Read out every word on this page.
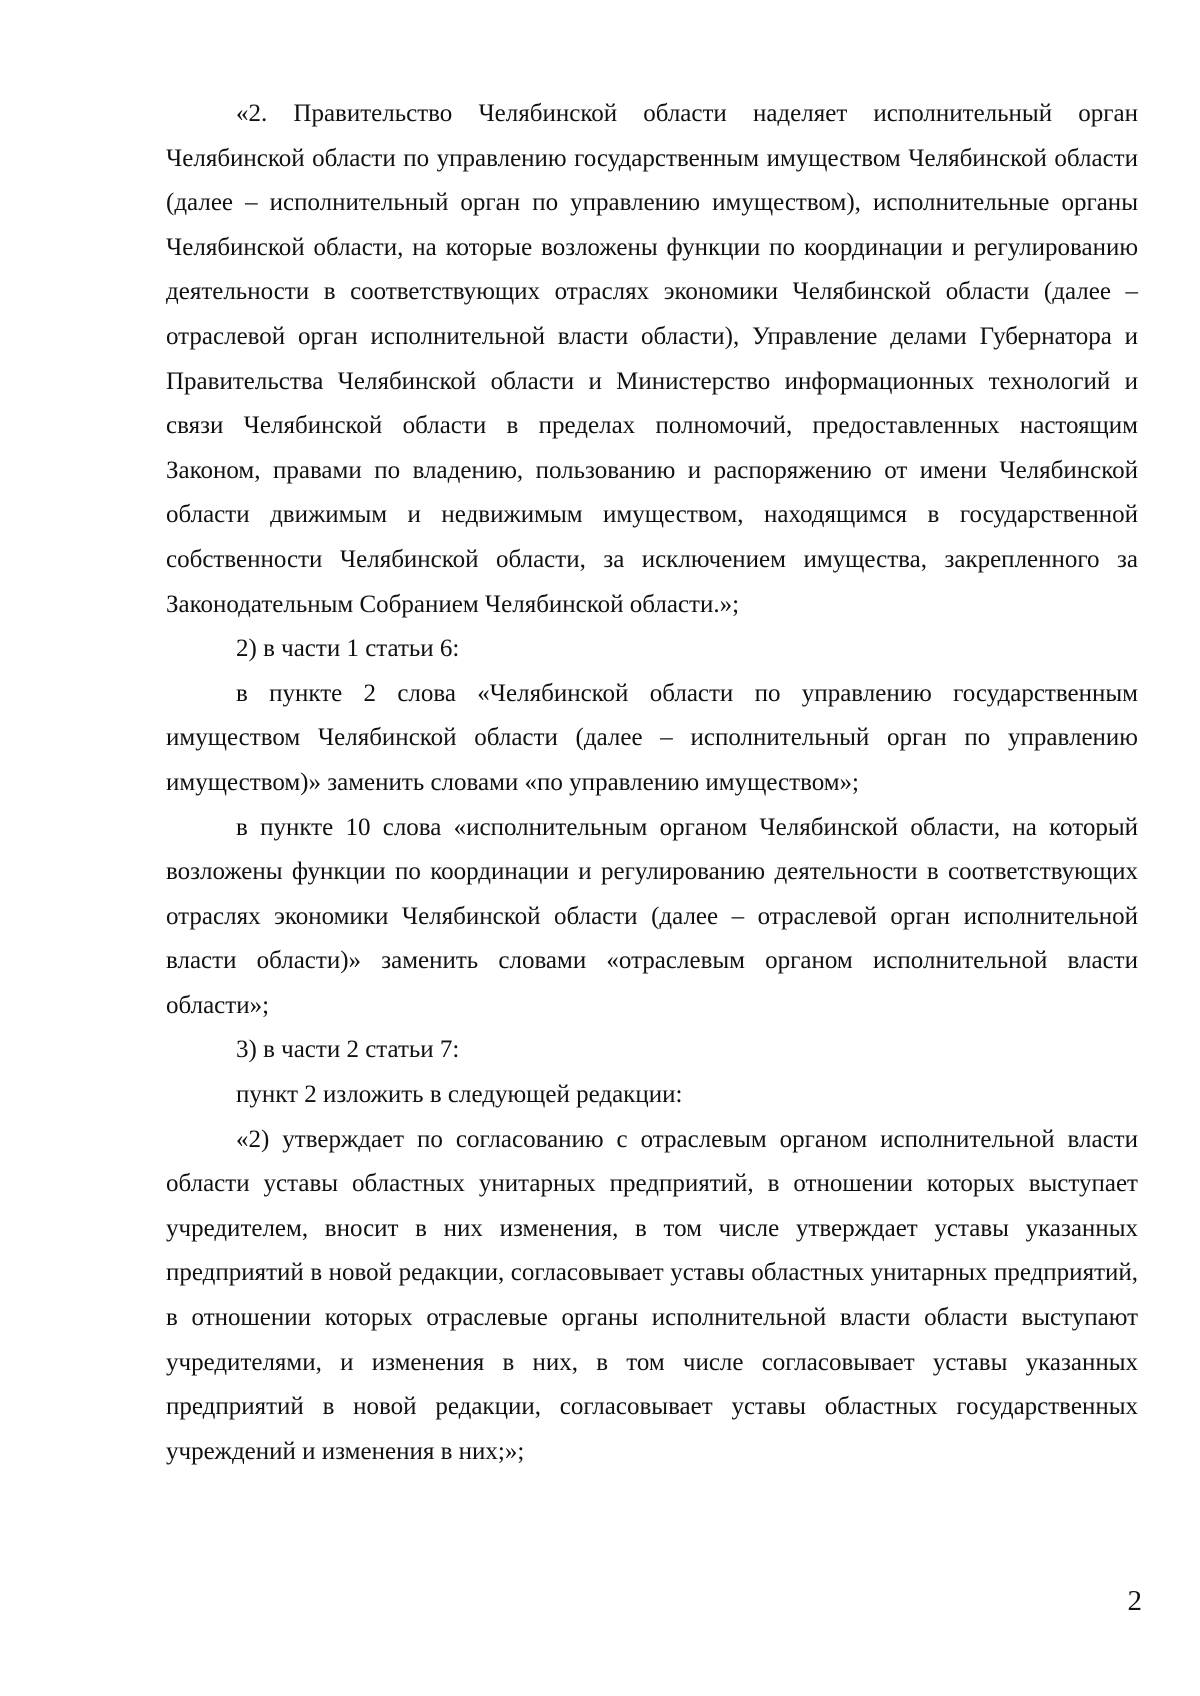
«2. Правительство Челябинской области наделяет исполнительный орган Челябинской области по управлению государственным имуществом Челябинской области (далее – исполнительный орган по управлению имуществом), исполнительные органы Челябинской области, на которые возложены функции по координации и регулированию деятельности в соответствующих отраслях экономики Челябинской области (далее – отраслевой орган исполнительной власти области), Управление делами Губернатора и Правительства Челябинской области и Министерство информационных технологий и связи Челябинской области в пределах полномочий, предоставленных настоящим Законом, правами по владению, пользованию и распоряжению от имени Челябинской области движимым и недвижимым имуществом, находящимся в государственной собственности Челябинской области, за исключением имущества, закрепленного за Законодательным Собранием Челябинской области.»;

2) в части 1 статьи 6:

в пункте 2 слова «Челябинской области по управлению государственным имуществом Челябинской области (далее – исполнительный орган по управлению имуществом)» заменить словами «по управлению имуществом»;

в пункте 10 слова «исполнительным органом Челябинской области, на который возложены функции по координации и регулированию деятельности в соответствующих отраслях экономики Челябинской области (далее – отраслевой орган исполнительной власти области)» заменить словами «отраслевым органом исполнительной власти области»;

3) в части 2 статьи 7:

пункт 2 изложить в следующей редакции:

«2) утверждает по согласованию с отраслевым органом исполнительной власти области уставы областных унитарных предприятий, в отношении которых выступает учредителем, вносит в них изменения, в том числе утверждает уставы указанных предприятий в новой редакции, согласовывает уставы областных унитарных предприятий, в отношении которых отраслевые органы исполнительной власти области выступают учредителями, и изменения в них, в том числе согласовывает уставы указанных предприятий в новой редакции, согласовывает уставы областных государственных учреждений и изменения в них;»;

2
